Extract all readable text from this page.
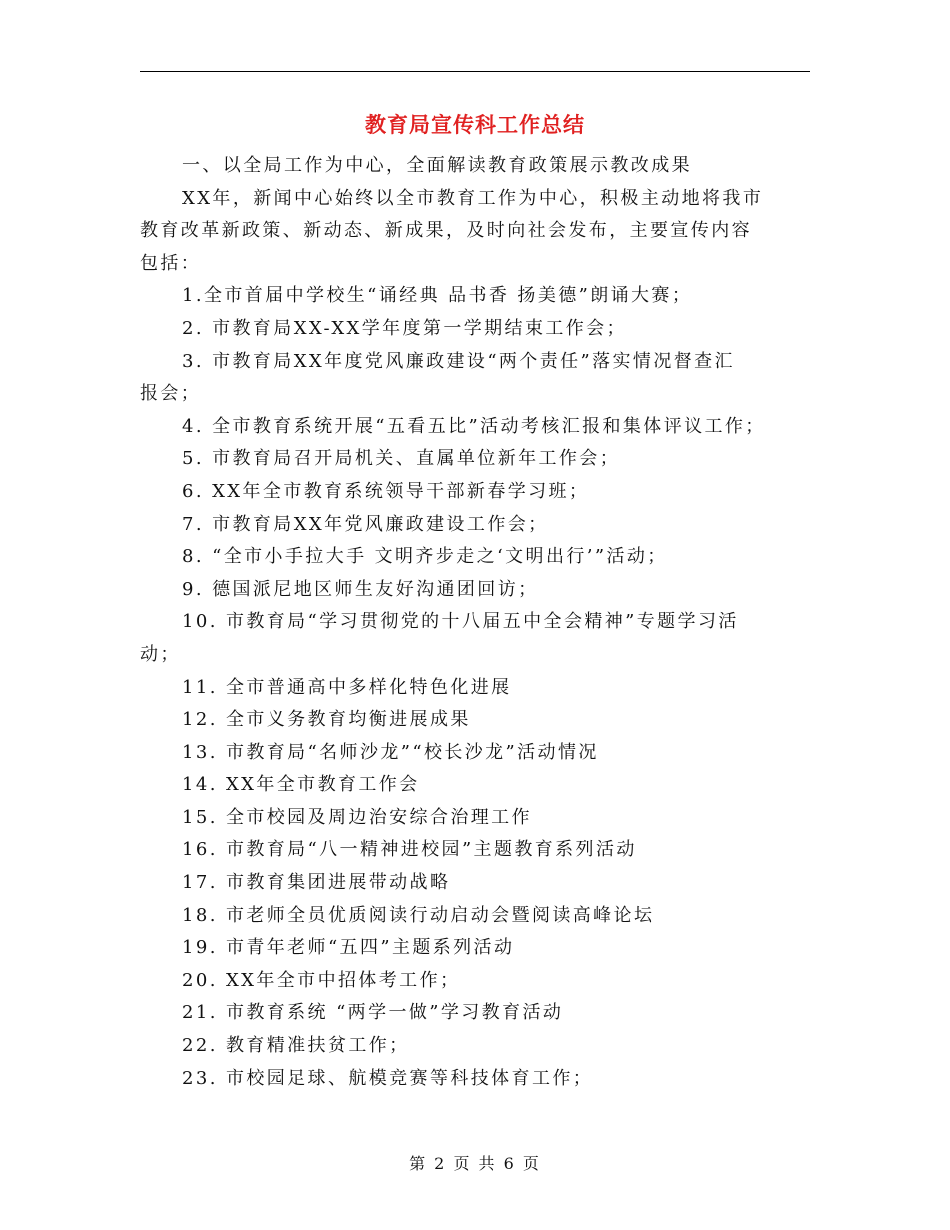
教育局宣传科工作总结
一、以全局工作为中心，全面解读教育政策展示教改成果
XX年，新闻中心始终以全市教育工作为中心，积极主动地将我市
教育改革新政策、新动态、新成果，及时向社会发布，主要宣传内容
包括：
1.全市首届中学校生“诵经典 品书香 扬美德”朗诵大赛；
2. 市教育局XX-XX学年度第一学期结束工作会；
3. 市教育局XX年度党风廉政建设“两个责任”落实情况督查汇
报会；
4. 全市教育系统开展“五看五比”活动考核汇报和集体评议工作；
5. 市教育局召开局机关、直属单位新年工作会；
6. XX年全市教育系统领导干部新春学习班；
7. 市教育局XX年党风廉政建设工作会；
8. “全市小手拉大手 文明齐步走之‘文明出行’”活动；
9. 德国派尼地区师生友好沟通团回访；
10. 市教育局“学习贯彻党的十八届五中全会精神”专题学习活
动；
11. 全市普通高中多样化特色化进展
12. 全市义务教育均衡进展成果
13. 市教育局“名师沙龙”“校长沙龙”活动情况
14. XX年全市教育工作会
15. 全市校园及周边治安综合治理工作
16. 市教育局“八一精神进校园”主题教育系列活动
17. 市教育集团进展带动战略
18. 市老师全员优质阅读行动启动会暨阅读高峰论坛
19. 市青年老师“五四”主题系列活动
20. XX年全市中招体考工作；
21. 市教育系统 “两学一做”学习教育活动
22. 教育精准扶贫工作；
23. 市校园足球、航模竞赛等科技体育工作；
第 2 页 共 6 页
